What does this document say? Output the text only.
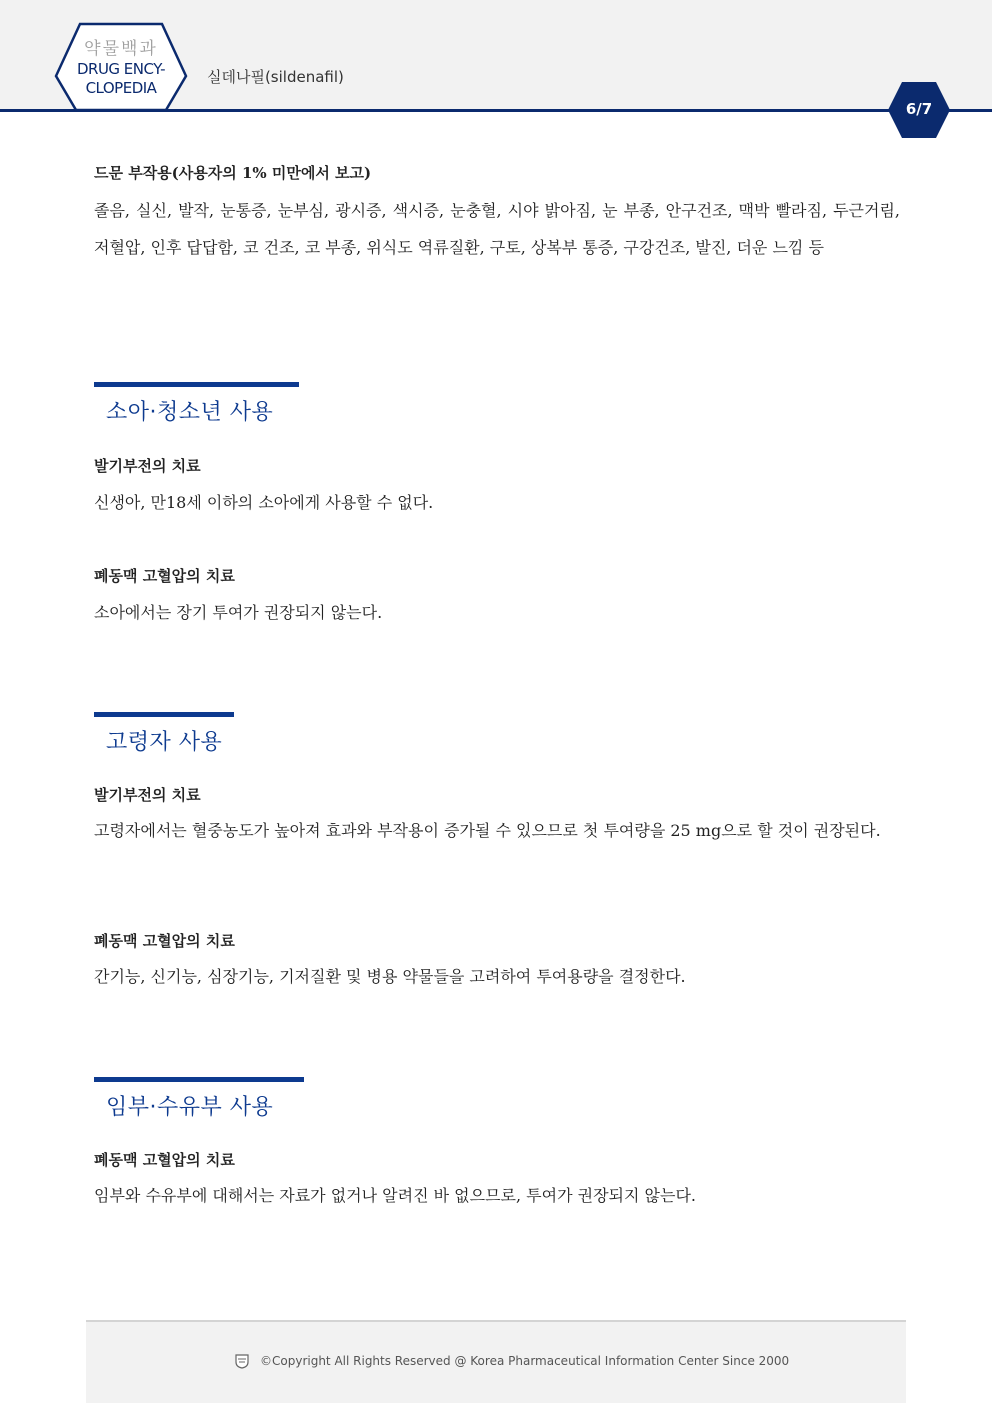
약물백과
DRUG ENCY-
CLOPEDIA
실데나필(sildenafil)
6/7
드문 부작용(사용자의 1% 미만에서 보고)
졸음, 실신, 발작, 눈통증, 눈부심, 광시증, 색시증, 눈충혈, 시야 밝아짐, 눈 부종, 안구건조, 맥박 빨라짐, 두근거림, 저혈압, 인후 답답함, 코 건조, 코 부종, 위식도 역류질환, 구토, 상복부 통증, 구강건조, 발진, 더운 느낌 등
소아·청소년 사용
발기부전의 치료
신생아, 만18세 이하의 소아에게 사용할 수 없다.
폐동맥 고혈압의 치료
소아에서는 장기 투여가 권장되지 않는다.
고령자 사용
발기부전의 치료
고령자에서는 혈중농도가 높아져 효과와 부작용이 증가될 수 있으므로 첫 투여량을 25 mg으로 할 것이 권장된다.
폐동맥 고혈압의 치료
간기능, 신기능, 심장기능, 기저질환 및 병용 약물들을 고려하여 투여용량을 결정한다.
임부·수유부 사용
폐동맥 고혈압의 치료
임부와 수유부에 대해서는 자료가 없거나 알려진 바 없으므로, 투여가 권장되지 않는다.
©Copyright All Rights Reserved @ Korea Pharmaceutical Information Center Since 2000
